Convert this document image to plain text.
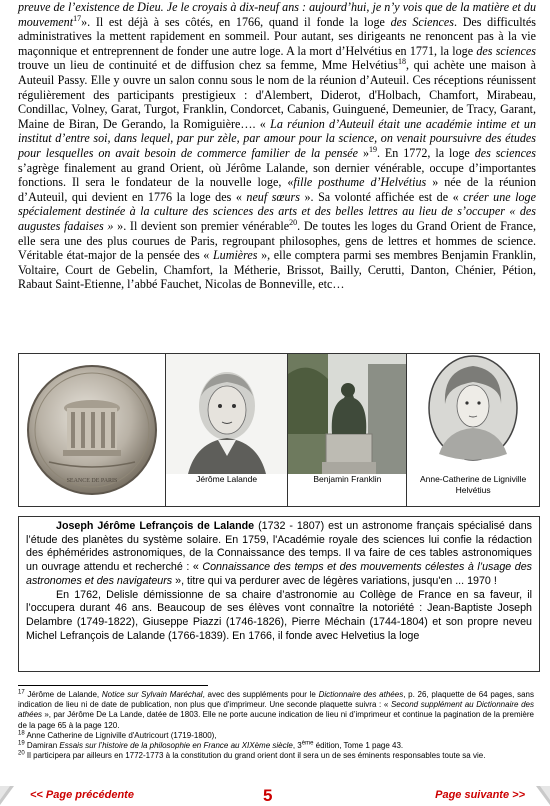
preuve de l’existence de Dieu. Je le croyais à dix-neuf ans : aujourd’hui, je n’y vois que de la matière et du mouvement$^{17}$». Il est déjà à ses côtés, en 1766, quand il fonde la loge des Sciences. Des difficultés administratives la mettent rapidement en sommeil. Pour autant, ses dirigeants ne renoncent pas à la vie maçonnique et entreprennent de fonder une autre loge. A la mort d’Helvétius en 1771, la loge des sciences trouve un lieu de continuité et de diffusion chez sa femme, Mme Helvétius$^{18}$, qui achète une maison à Auteuil Passy. Elle y ouvre un salon connu sous le nom de la réunion d’Auteuil. Ces réceptions réunissent régulièrement des participants prestigieux : d'Alembert, Diderot, d'Holbach, Chamfort, Mirabeau, Condillac, Volney, Garat, Turgot, Franklin, Condorcet, Cabanis, Guinguené, Demeunier, de Tracy, Garant, Maine de Biran, De Gerando, la Romiguière…. « La réunion d’Auteuil était une académie intime et un institut d’entre soi, dans lequel, par pur zèle, par amour pour la science, on venait poursuivre des études pour lesquelles on avait besoin de commerce familier de la pensée »$^{19}$. En 1772, la loge des sciences s’agrège finalement au grand Orient, où Jérôme Lalande, son dernier vénérable, occupe d’importantes fonctions. Il sera le fondateur de la nouvelle loge, «fille posthume d’Helvétius » née de la réunion d’Auteuil, qui devient en 1776 la loge des « neuf sœurs ». Sa volonté affichée est de « créer une loge spécialement destinée à la culture des sciences des arts et des belles lettres au lieu de s’occuper « des augustes fadaises » ». Il devient son premier vénérable$^{20}$. De toutes les loges du Grand Orient de France, elle sera une des plus courues de Paris, regroupant philosophes, gens de lettres et hommes de science. Véritable état-major de la pensée des « Lumières », elle comptera parmi ses membres Benjamin Franklin, Voltaire, Court de Gebelin, Chamfort, la Métherie, Brissot, Bailly, Cerutti, Danton, Chénier, Pétion, Rabaut Saint-Etienne, l’abbé Fauchet, Nicolas de Bonneville, etc…

SEANCE DE PARIS	Jérôme Lalande	Benjamin Franklin	Anne-Catherine de Ligniville Helvétius

Joseph Jérôme Lefrançois de Lalande (1732 - 1807) est un astronome français spécialisé dans l’étude des planètes du système solaire. En 1759, l'Académie royale des sciences lui confie la rédaction des éphémérides astronomiques, de la Connaissance des temps. Il va faire de ces tables astronomiques un ouvrage attendu et recherché : « Connaissance des temps et des mouvements célestes à l’usage des astronomes et des navigateurs », titre qui va perdurer avec de légères variations, jusqu'en ... 1970 !

En 1762, Delisle démissionne de sa chaire d’astronomie au Collège de France en sa faveur, il l’occupera durant 46 ans. Beaucoup de ses élèves vont connaître la notoriété : Jean-Baptiste Joseph Delambre (1749-1822), Giuseppe Piazzi (1746-1826), Pierre Méchain (1744-1804) et son propre neveu Michel Lefrançois de Lalande (1766-1839). En 1766, il fonde avec Helvetius la loge

$^{17}$ Jérôme de Lalande, Notice sur Sylvain Maréchal, avec des suppléments pour le Dictionnaire des athées, p. 26, plaquette de 64 pages, sans indication de lieu ni de date de publication, non plus que d'imprimeur. Une seconde plaquette suivra : « Second supplément au Dictionnaire des athées », par Jérôme De La Lande, datée de 1803. Elle ne porte aucune indication de lieu ni d’imprimeur et continue la pagination de la première de la page 65 à la page 120.

$^{18}$ Anne Catherine de Ligniville d'Autricourt (1719-1800),

$^{19}$ Damiran Essais sur l’histoire de la philosophie en France au XIXème siècle, 3ème édition, Tome 1 page 43.

$^{20}$ Il participera par ailleurs en 1772-1773 à la constitution du grand orient dont il sera un de ses éminents responsables toute sa vie.

<< Page précédente	5	Page suivante >>
